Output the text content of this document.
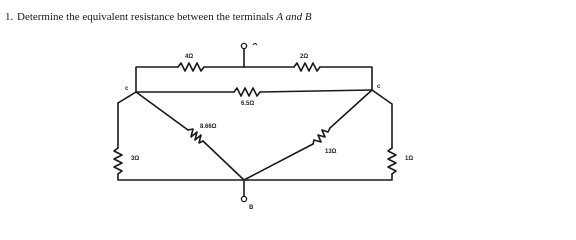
1. Determine the equivalent resistance between the terminals A and B
4Ω	2Ω
6.5Ω
8.66Ω
13Ω
3Ω	1Ω
c	c
B
